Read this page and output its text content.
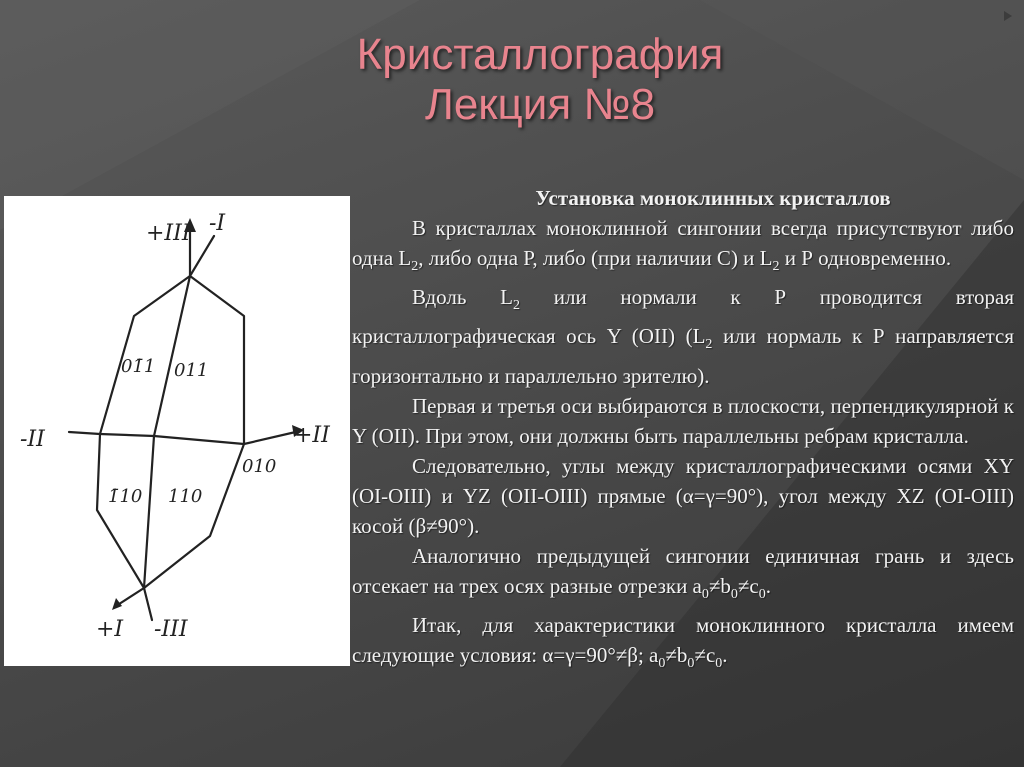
Кристаллография
Лекция №8
+III -I
-II	+II
+I -III
01̄1 011
1̄10 110
010
Установка моноклинных кристаллов

В кристаллах моноклинной сингонии всегда присутствуют либо одна $L_2$, либо одна Р, либо (при наличии С) и $L_2$ и Р одновременно.

Вдоль $L_2$ или нормали к Р проводится вторая кристаллографическая ось Y (OII) ($L_2$ или нормаль к Р направляется горизонтально и параллельно зрителю).

Первая и третья оси выбираются в плоскости, перпендикулярной к Y (OII). При этом, они должны быть параллельны ребрам кристалла.

Следовательно, углы между кристаллографическими осями XY (OI-OIII) и YZ (OII-OIII) прямые (α=γ=90°), угол между XZ (OI-OIII) косой (β≠90°).

Аналогично предыдущей сингонии единичная грань и здесь отсекает на трех осях разные отрезки $a_0\ne b_0\ne c_0$.

Итак, для характеристики моноклинного кристалла имеем следующие условия: α=γ=90°≠β; $a_0\ne b_0\ne c_0$.
